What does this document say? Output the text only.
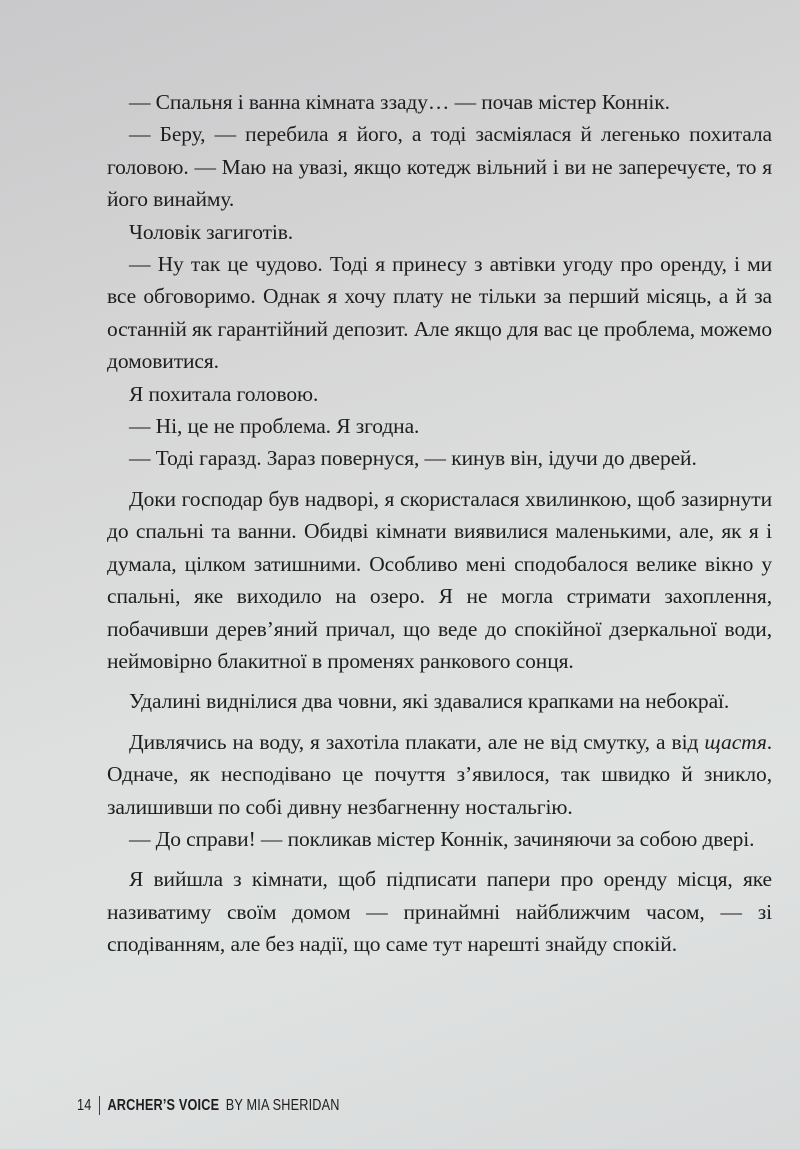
— Спальня і ванна кімната ззаду… — почав містер Коннік.

— Беру, — перебила я його, а тоді засміялася й легенько похитала головою. — Маю на увазі, якщо котедж вільний і ви не заперечуєте, то я його винайму.

Чоловік загиготів.

— Ну так це чудово. Тоді я принесу з автівки угоду про оренду, і ми все обговоримо. Однак я хочу плату не тільки за перший місяць, а й за останній як гарантійний депозит. Але якщо для вас це проблема, можемо домовитися.

Я похитала головою.

— Ні, це не проблема. Я згодна.

— Тоді гаразд. Зараз повернуся, — кинув він, ідучи до дверей.

Доки господар був надворі, я скористалася хвилинкою, щоб зазирнути до спальні та ванни. Обидві кімнати виявилися маленькими, але, як я і думала, цілком затишними. Особливо мені сподобалося велике вікно у спальні, яке виходило на озеро. Я не могла стримати захоплення, побачивши дерев’яний причал, що веде до спокійної дзеркальної води, неймовірно блакитної в променях ранкового сонця.

Удалині виднілися два човни, які здавалися крапками на небокраї.

Дивлячись на воду, я захотіла плакати, але не від смутку, а від щастя. Одначе, як несподівано це почуття з’явилося, так швидко й зникло, залишивши по собі дивну незбагненну ностальгію.

— До справи! — покликав містер Коннік, зачиняючи за собою двері.

Я вийшла з кімнати, щоб підписати папери про оренду місця, яке називатиму своїм домом — принаймні найближчим часом, — зі сподіванням, але без надії, що саме тут нарешті знайду спокій.

14 ARCHER’S VOICE BY MIA SHERIDAN
